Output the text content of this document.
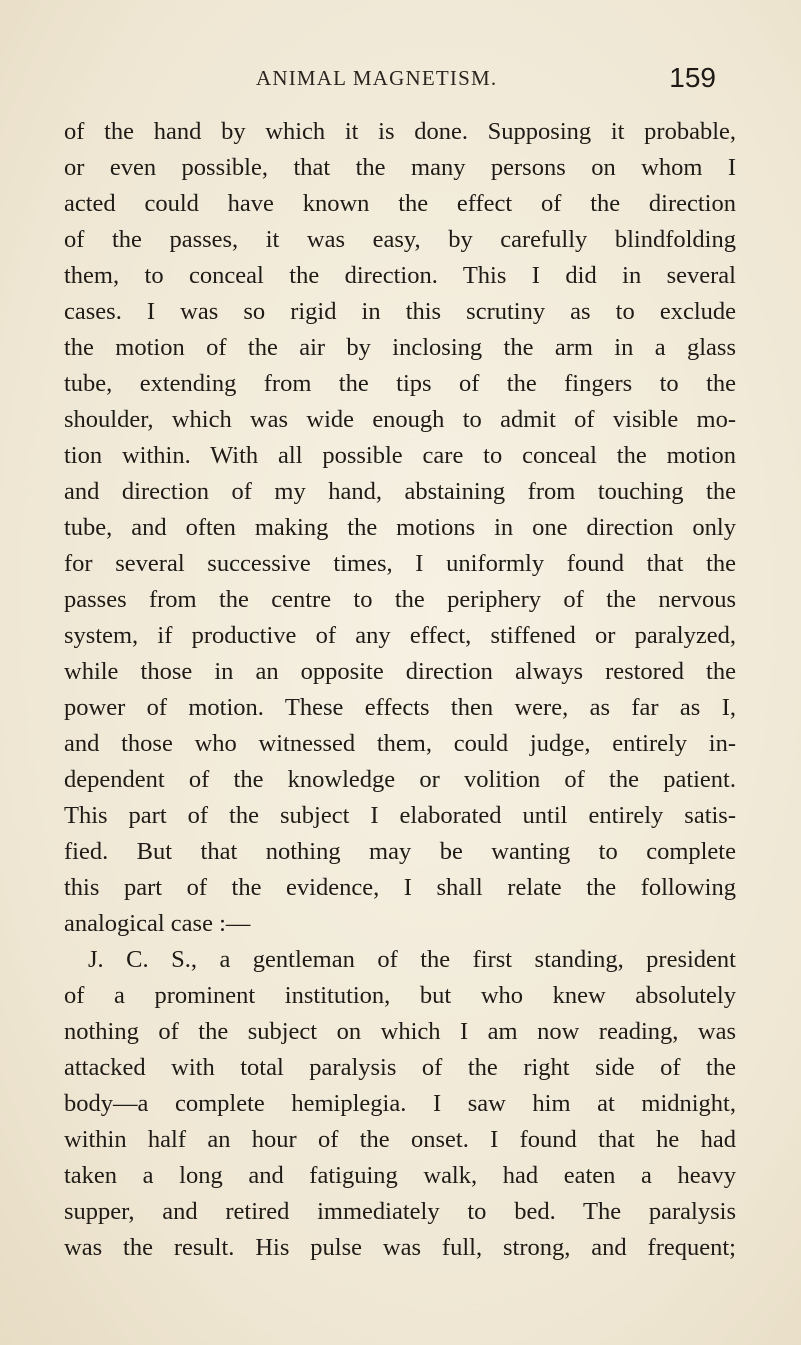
ANIMAL MAGNETISM.	159
of the hand by which it is done. Supposing it probable,
or even possible, that the many persons on whom I
acted could have known the effect of the direction
of the passes, it was easy, by carefully blindfolding
them, to conceal the direction. This I did in several
cases. I was so rigid in this scrutiny as to exclude
the motion of the air by inclosing the arm in a glass
tube, extending from the tips of the fingers to the
shoulder, which was wide enough to admit of visible mo-
tion within. With all possible care to conceal the motion
and direction of my hand, abstaining from touching the
tube, and often making the motions in one direction only
for several successive times, I uniformly found that the
passes from the centre to the periphery of the nervous
system, if productive of any effect, stiffened or paralyzed,
while those in an opposite direction always restored the
power of motion. These effects then were, as far as I,
and those who witnessed them, could judge, entirely in-
dependent of the knowledge or volition of the patient.
This part of the subject I elaborated until entirely satis-
fied. But that nothing may be wanting to complete
this part of the evidence, I shall relate the following
analogical case :—
J. C. S., a gentleman of the first standing, president
of a prominent institution, but who knew absolutely
nothing of the subject on which I am now reading, was
attacked with total paralysis of the right side of the
body—a complete hemiplegia. I saw him at midnight,
within half an hour of the onset. I found that he had
taken a long and fatiguing walk, had eaten a heavy
supper, and retired immediately to bed. The paralysis
was the result. His pulse was full, strong, and frequent;
